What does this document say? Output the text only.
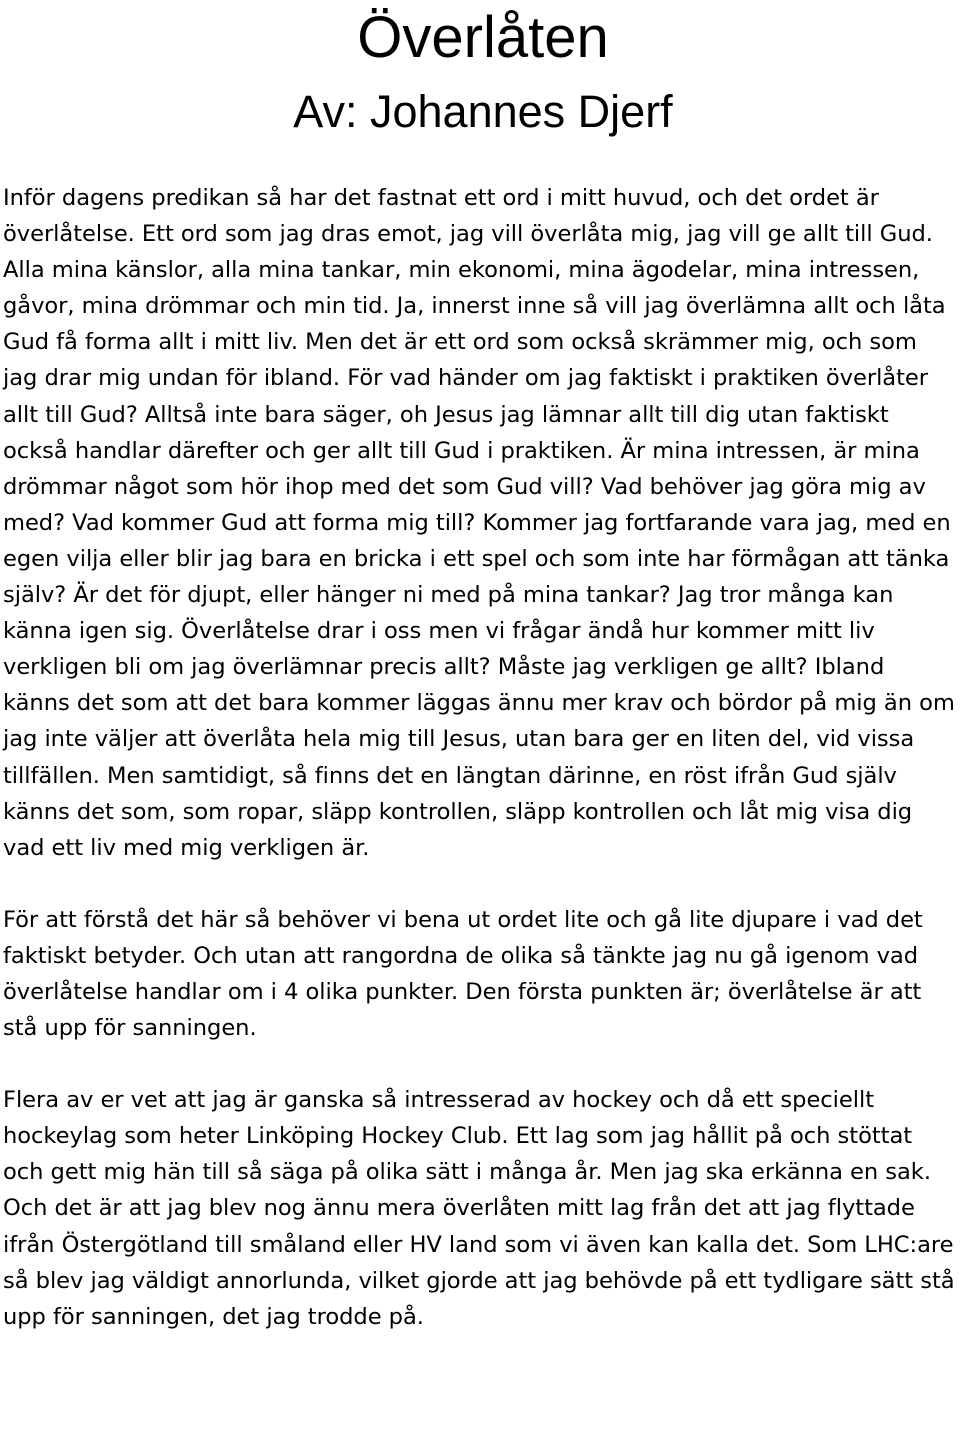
Överlåten
Av: Johannes Djerf

Inför dagens predikan så har det fastnat ett ord i mitt huvud, och det ordet är överlåtelse. Ett ord som jag dras emot, jag vill överlåta mig, jag vill ge allt till Gud. Alla mina känslor, alla mina tankar, min ekonomi, mina ägodelar, mina intressen, gåvor, mina drömmar och min tid. Ja, innerst inne så vill jag överlämna allt och låta Gud få forma allt i mitt liv. Men det är ett ord som också skrämmer mig, och som jag drar mig undan för ibland. För vad händer om jag faktiskt i praktiken överlåter allt till Gud? Alltså inte bara säger, oh Jesus jag lämnar allt till dig utan faktiskt också handlar därefter och ger allt till Gud i praktiken. Är mina intressen, är mina drömmar något som hör ihop med det som Gud vill? Vad behöver jag göra mig av med? Vad kommer Gud att forma mig till? Kommer jag fortfarande vara jag, med en egen vilja eller blir jag bara en bricka i ett spel och som inte har förmågan att tänka själv? Är det för djupt, eller hänger ni med på mina tankar? Jag tror många kan känna igen sig. Överlåtelse drar i oss men vi frågar ändå hur kommer mitt liv verkligen bli om jag överlämnar precis allt? Måste jag verkligen ge allt? Ibland känns det som att det bara kommer läggas ännu mer krav och bördor på mig än om jag inte väljer att överlåta hela mig till Jesus, utan bara ger en liten del, vid vissa tillfällen. Men samtidigt, så finns det en längtan därinne, en röst ifrån Gud själv känns det som, som ropar, släpp kontrollen, släpp kontrollen och låt mig visa dig vad ett liv med mig verkligen är.

För att förstå det här så behöver vi bena ut ordet lite och gå lite djupare i vad det faktiskt betyder. Och utan att rangordna de olika så tänkte jag nu gå igenom vad överlåtelse handlar om i 4 olika punkter. Den första punkten är; överlåtelse är att stå upp för sanningen.

Flera av er vet att jag är ganska så intresserad av hockey och då ett speciellt hockeylag som heter Linköping Hockey Club. Ett lag som jag hållit på och stöttat och gett mig hän till så säga på olika sätt i många år. Men jag ska erkänna en sak. Och det är att jag blev nog ännu mera överlåten mitt lag från det att jag flyttade ifrån Östergötland till småland eller HV land som vi även kan kalla det. Som LHC:are så blev jag väldigt annorlunda, vilket gjorde att jag behövde på ett tydligare sätt stå upp för sanningen, det jag trodde på.
